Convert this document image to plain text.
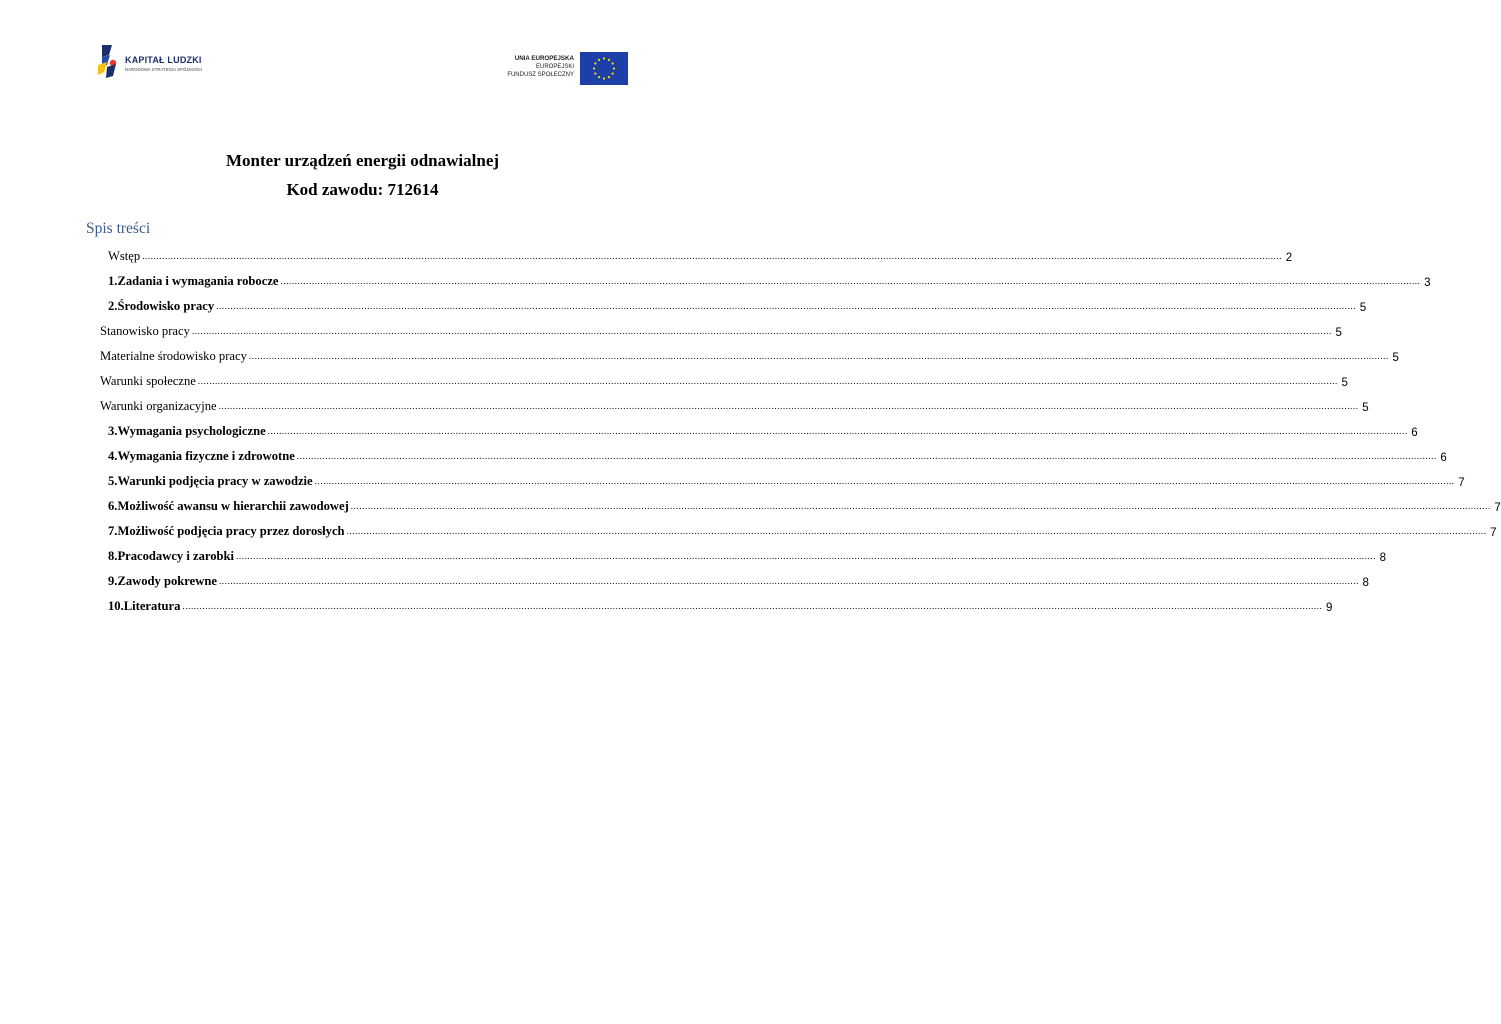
KAPITAŁ LUDZKI
NARODOWA STRATEGIA SPÓJNOŚCI
UNIA EUROPEJSKA
EUROPEJSKI
FUNDUSZ SPOŁECZNY
Monter urządzeń energii odnawialnej
Kod zawodu: 712614
Spis treści
Wstęp ................................................................................................................................................................................................................................................................................................................................................................................................................ 2
1. Zadania i wymagania robocze ................................................................................................................................................................................................................................................................................................................................................................................................................ 3
2. Środowisko pracy ................................................................................................................................................................................................................................................................................................................................................................................................................ 5
Stanowisko pracy ................................................................................................................................................................................................................................................................................................................................................................................................................ 5
Materialne środowisko pracy ................................................................................................................................................................................................................................................................................................................................................................................................................ 5
Warunki społeczne ................................................................................................................................................................................................................................................................................................................................................................................................................ 5
Warunki organizacyjne ................................................................................................................................................................................................................................................................................................................................................................................................................ 5
3. Wymagania psychologiczne ................................................................................................................................................................................................................................................................................................................................................................................................................ 6
4. Wymagania fizyczne i zdrowotne ................................................................................................................................................................................................................................................................................................................................................................................................................ 6
5. Warunki podjęcia pracy w zawodzie ................................................................................................................................................................................................................................................................................................................................................................................................................ 7
6. Możliwość awansu w hierarchii zawodowej ................................................................................................................................................................................................................................................................................................................................................................................................................ 7
7. Możliwość podjęcia pracy przez dorosłych ................................................................................................................................................................................................................................................................................................................................................................................................................ 7
8. Pracodawcy i zarobki ................................................................................................................................................................................................................................................................................................................................................................................................................ 8
9. Zawody pokrewne ................................................................................................................................................................................................................................................................................................................................................................................................................ 8
10. Literatura ................................................................................................................................................................................................................................................................................................................................................................................................................ 9
